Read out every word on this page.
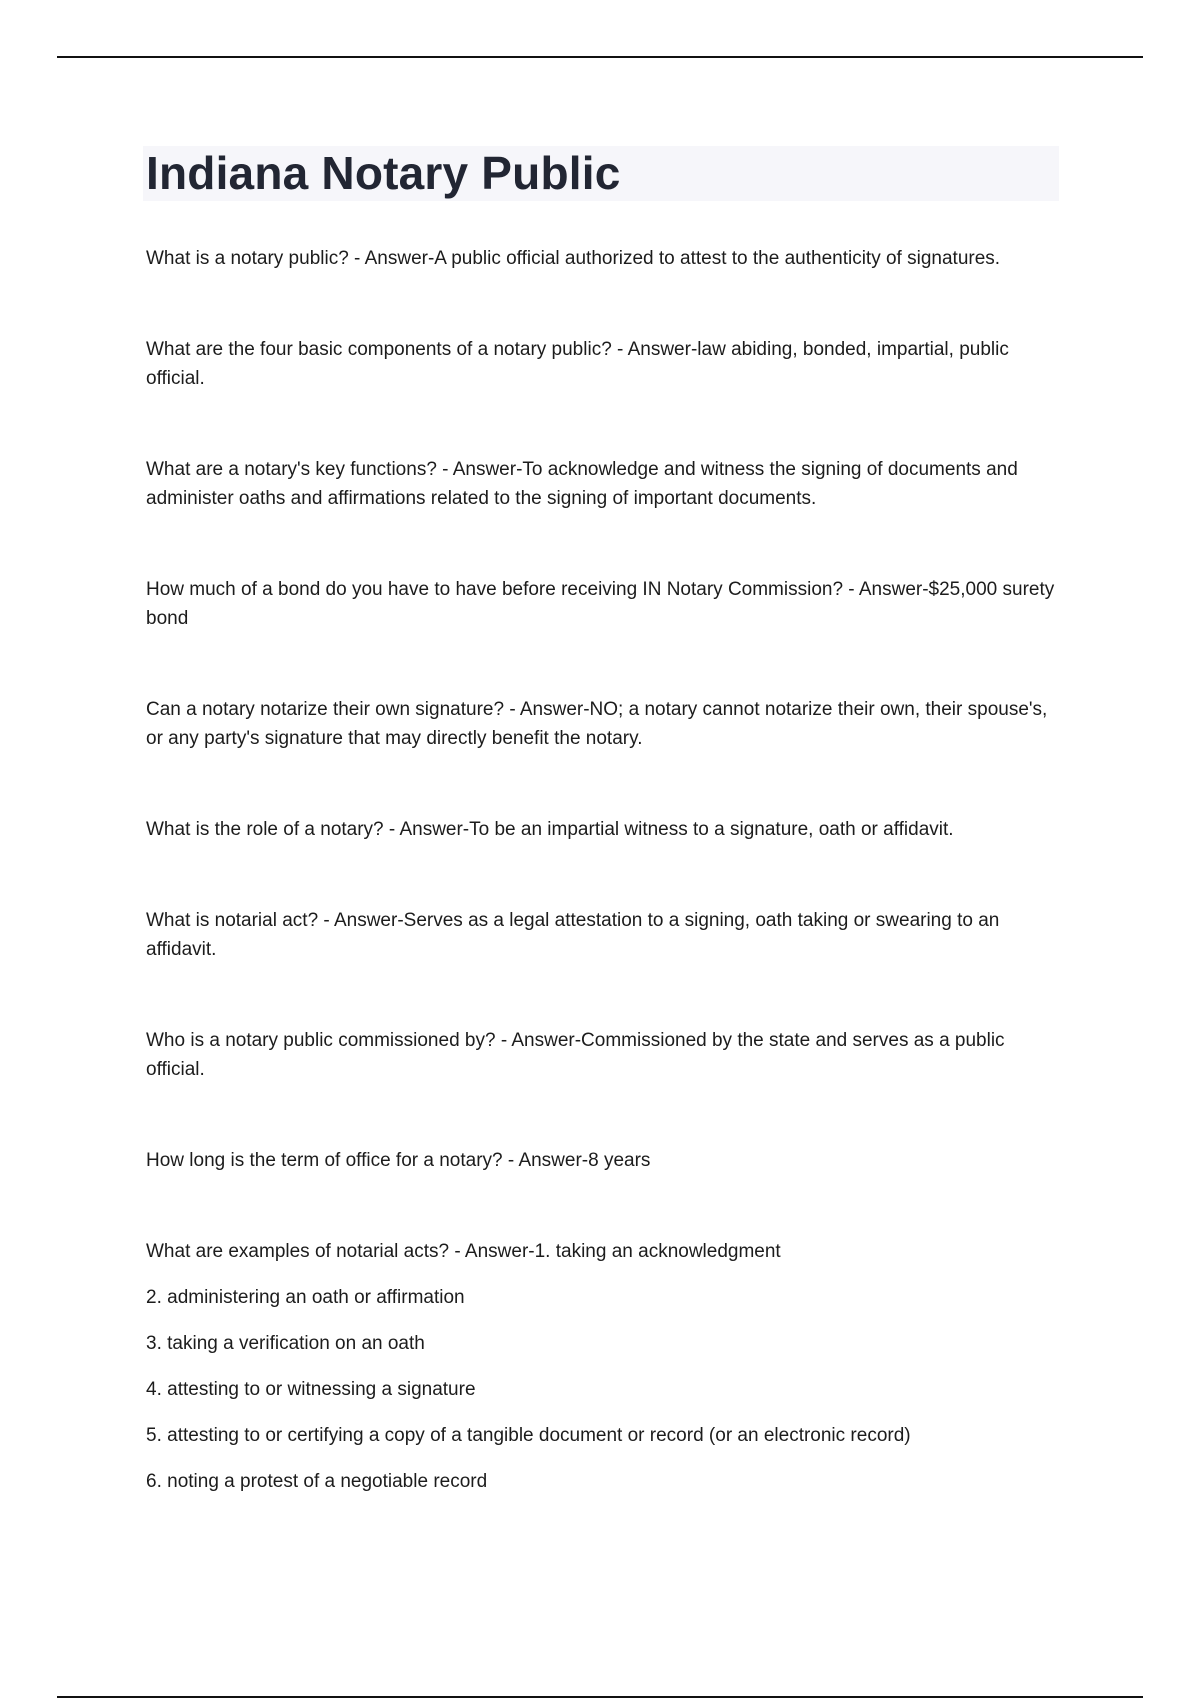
Indiana Notary Public

What is a notary public? - Answer-A public official authorized to attest to the authenticity of signatures.

What are the four basic components of a notary public? - Answer-law abiding, bonded, impartial, public official.

What are a notary's key functions? - Answer-To acknowledge and witness the signing of documents and administer oaths and affirmations related to the signing of important documents.

How much of a bond do you have to have before receiving IN Notary Commission? - Answer-$25,000 surety bond

Can a notary notarize their own signature? - Answer-NO; a notary cannot notarize their own, their spouse's, or any party's signature that may directly benefit the notary.

What is the role of a notary? - Answer-To be an impartial witness to a signature, oath or affidavit.

What is notarial act? - Answer-Serves as a legal attestation to a signing, oath taking or swearing to an affidavit.

Who is a notary public commissioned by? - Answer-Commissioned by the state and serves as a public official.

How long is the term of office for a notary? - Answer-8 years

What are examples of notarial acts? - Answer-1. taking an acknowledgment

2. administering an oath or affirmation

3. taking a verification on an oath

4. attesting to or witnessing a signature

5. attesting to or certifying a copy of a tangible document or record (or an electronic record)

6. noting a protest of a negotiable record
